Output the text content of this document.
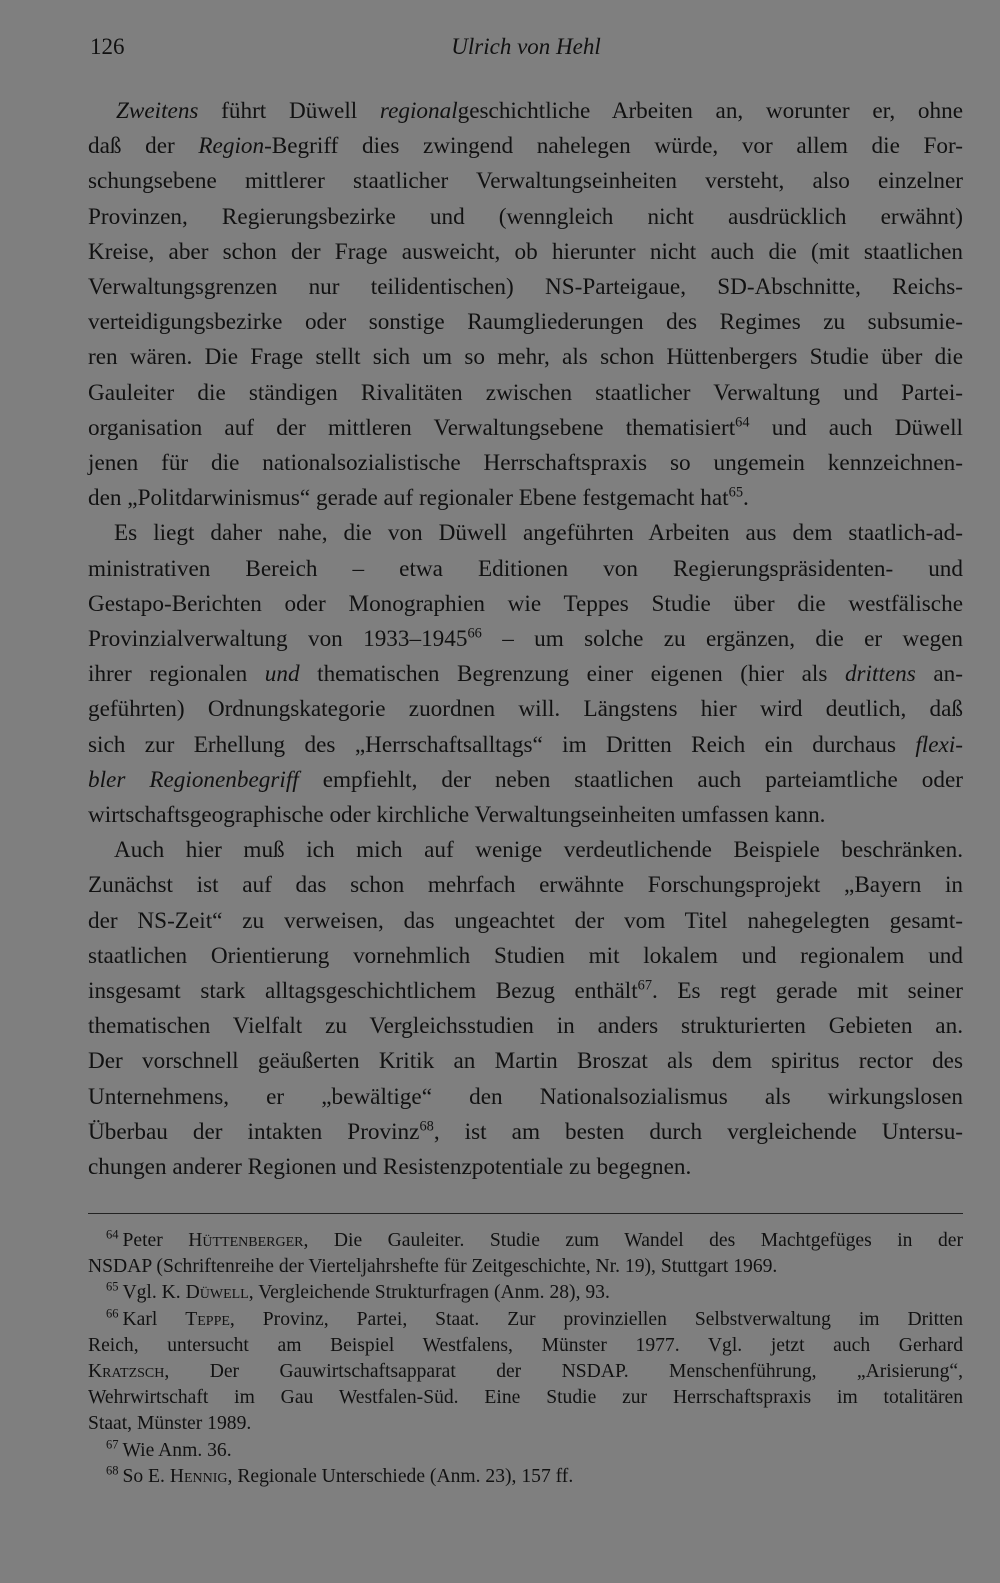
126	Ulrich von Hehl

Zweitens führt Düwell regionalgeschichtliche Arbeiten an, worunter er, ohne
daß der Region-Begriff dies zwingend nahelegen würde, vor allem die For-
schungsebene mittlerer staatlicher Verwaltungseinheiten versteht, also einzelner
Provinzen, Regierungsbezirke und (wenngleich nicht ausdrücklich erwähnt)
Kreise, aber schon der Frage ausweicht, ob hierunter nicht auch die (mit staatlichen
Verwaltungsgrenzen nur teilidentischen) NS-Parteigaue, SD-Abschnitte, Reichs-
verteidigungsbezirke oder sonstige Raumgliederungen des Regimes zu subsumie-
ren wären. Die Frage stellt sich um so mehr, als schon Hüttenbergers Studie über die
Gauleiter die ständigen Rivalitäten zwischen staatlicher Verwaltung und Partei-
organisation auf der mittleren Verwaltungsebene thematisiert$^{64}$ und auch Düwell
jenen für die nationalsozialistische Herrschaftspraxis so ungemein kennzeichnen-
den „Politdarwinismus“ gerade auf regionaler Ebene festgemacht hat$^{65}$.

Es liegt daher nahe, die von Düwell angeführten Arbeiten aus dem staatlich-ad-
ministrativen Bereich – etwa Editionen von Regierungspräsidenten- und
Gestapo-Berichten oder Monographien wie Teppes Studie über die westfälische
Provinzialverwaltung von 1933–1945$^{66}$ – um solche zu ergänzen, die er wegen
ihrer regionalen und thematischen Begrenzung einer eigenen (hier als drittens an-
geführten) Ordnungskategorie zuordnen will. Längstens hier wird deutlich, daß
sich zur Erhellung des „Herrschaftsalltags“ im Dritten Reich ein durchaus flexi-
bler Regionenbegriff empfiehlt, der neben staatlichen auch parteiamtliche oder
wirtschaftsgeographische oder kirchliche Verwaltungseinheiten umfassen kann.

Auch hier muß ich mich auf wenige verdeutlichende Beispiele beschränken.
Zunächst ist auf das schon mehrfach erwähnte Forschungsprojekt „Bayern in
der NS-Zeit“ zu verweisen, das ungeachtet der vom Titel nahegelegten gesamt-
staatlichen Orientierung vornehmlich Studien mit lokalem und regionalem und
insgesamt stark alltagsgeschichtlichem Bezug enthält$^{67}$. Es regt gerade mit seiner
thematischen Vielfalt zu Vergleichsstudien in anders strukturierten Gebieten an.
Der vorschnell geäußerten Kritik an Martin Broszat als dem spiritus rector des
Unternehmens, er „bewältige“ den Nationalsozialismus als wirkungslosen
Überbau der intakten Provinz$^{68}$, ist am besten durch vergleichende Untersu-
chungen anderer Regionen und Resistenzpotentiale zu begegnen.

$^{64}$  Peter Hüttenberger, Die Gauleiter. Studie zum Wandel des Machtgefüges in der
NSDAP (Schriftenreihe der Vierteljahrshefte für Zeitgeschichte, Nr. 19), Stuttgart 1969.
$^{65}$  Vgl. K. Düwell, Vergleichende Strukturfragen (Anm. 28), 93.
$^{66}$  Karl Teppe, Provinz, Partei, Staat. Zur provinziellen Selbstverwaltung im Dritten
Reich, untersucht am Beispiel Westfalens, Münster 1977. Vgl. jetzt auch Gerhard
Kratzsch, Der Gauwirtschaftsapparat der NSDAP. Menschenführung, „Arisierung“,
Wehrwirtschaft im Gau Westfalen-Süd. Eine Studie zur Herrschaftspraxis im totalitären
Staat, Münster 1989.
$^{67}$  Wie Anm. 36.
$^{68}$  So E. Hennig, Regionale Unterschiede (Anm. 23), 157 ff.
